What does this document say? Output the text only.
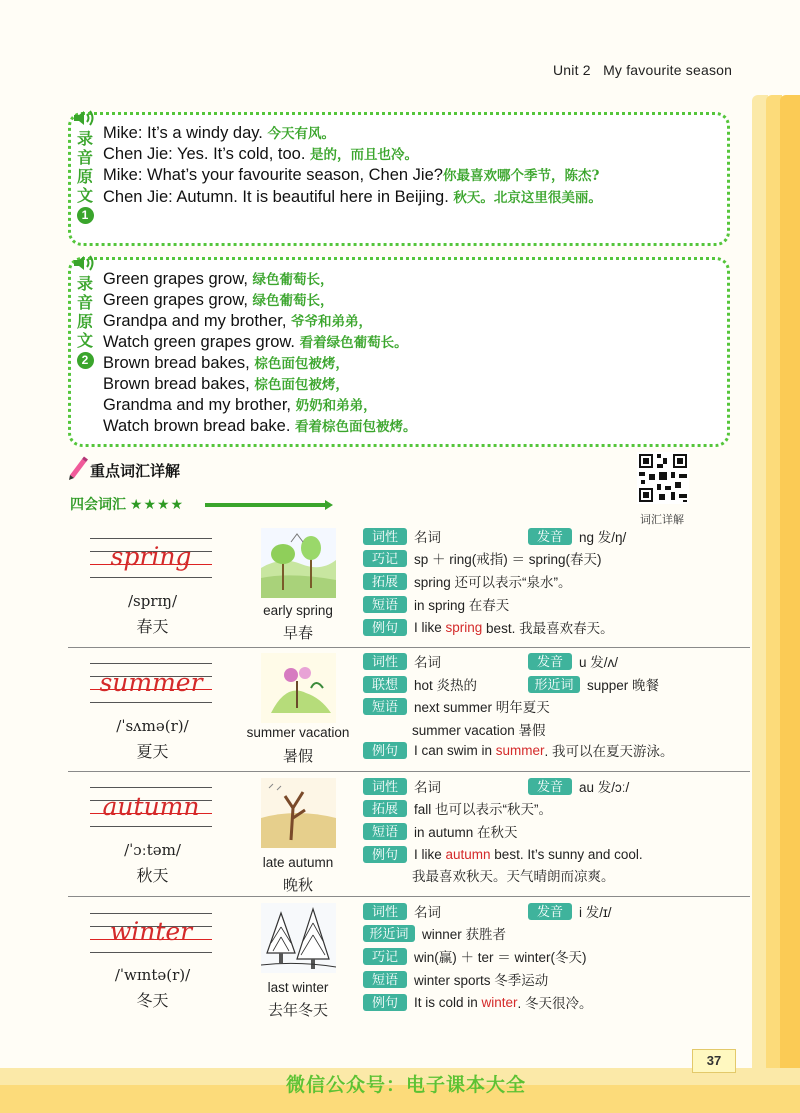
Unit 2 My favourite season
录
音
原
文
1
Mike: It’s a windy day. 今天有风。
Chen Jie: Yes. It’s cold, too. 是的，而且也冷。
Mike: What’s your favourite season, Chen Jie?你最喜欢哪个季节，陈杰?
Chen Jie: Autumn. It is beautiful here in Beijing. 秋天。北京这里很美丽。
录
音
原
文
2
Green grapes grow, 绿色葡萄长，
Green grapes grow, 绿色葡萄长，
Grandpa and my brother, 爷爷和弟弟，
Watch green grapes grow. 看着绿色葡萄长。
Brown bread bakes, 棕色面包被烤，
Brown bread bakes, 棕色面包被烤，
Grandma and my brother, 奶奶和弟弟，
Watch brown bread bake. 看着棕色面包被烤。
重点词汇详解
四会词汇 ★★★★
词汇详解
spring
/sprɪŋ/
春天
early spring
早春
词性	名词	发音	ng 发/ŋ/
巧记	sp ＋ ring(戒指) ＝ spring(春天)
拓展	spring 还可以表示“泉水”。
短语	in spring 在春天
例句	I like spring best. 我最喜欢春天。
summer
/ˈsʌmə(r)/
夏天
summer vacation
暑假
词性	名词	发音	u 发/ʌ/
联想	hot 炎热的	形近词	supper 晚餐
短语	next summer 明年夏天
summer vacation 暑假
例句	I can swim in summer . 我可以在夏天游泳。
autumn
/ˈɔːtəm/
秋天
late autumn
晚秋
词性	名词	发音	au 发/ɔː/
拓展	fall 也可以表示“秋天”。
短语	in autumn 在秋天
例句	I like autumn best. It’s sunny and cool.
我最喜欢秋天。天气晴朗而凉爽。
winter
/ˈwɪntə(r)/
冬天
last winter
去年冬天
词性	名词	发音	i 发/ɪ/
形近词	winner 获胜者
巧记	win(赢) ＋ ter ＝ winter(冬天)
短语	winter sports 冬季运动
例句	It is cold in winter . 冬天很冷。
37
微信公众号：电子课本大全
